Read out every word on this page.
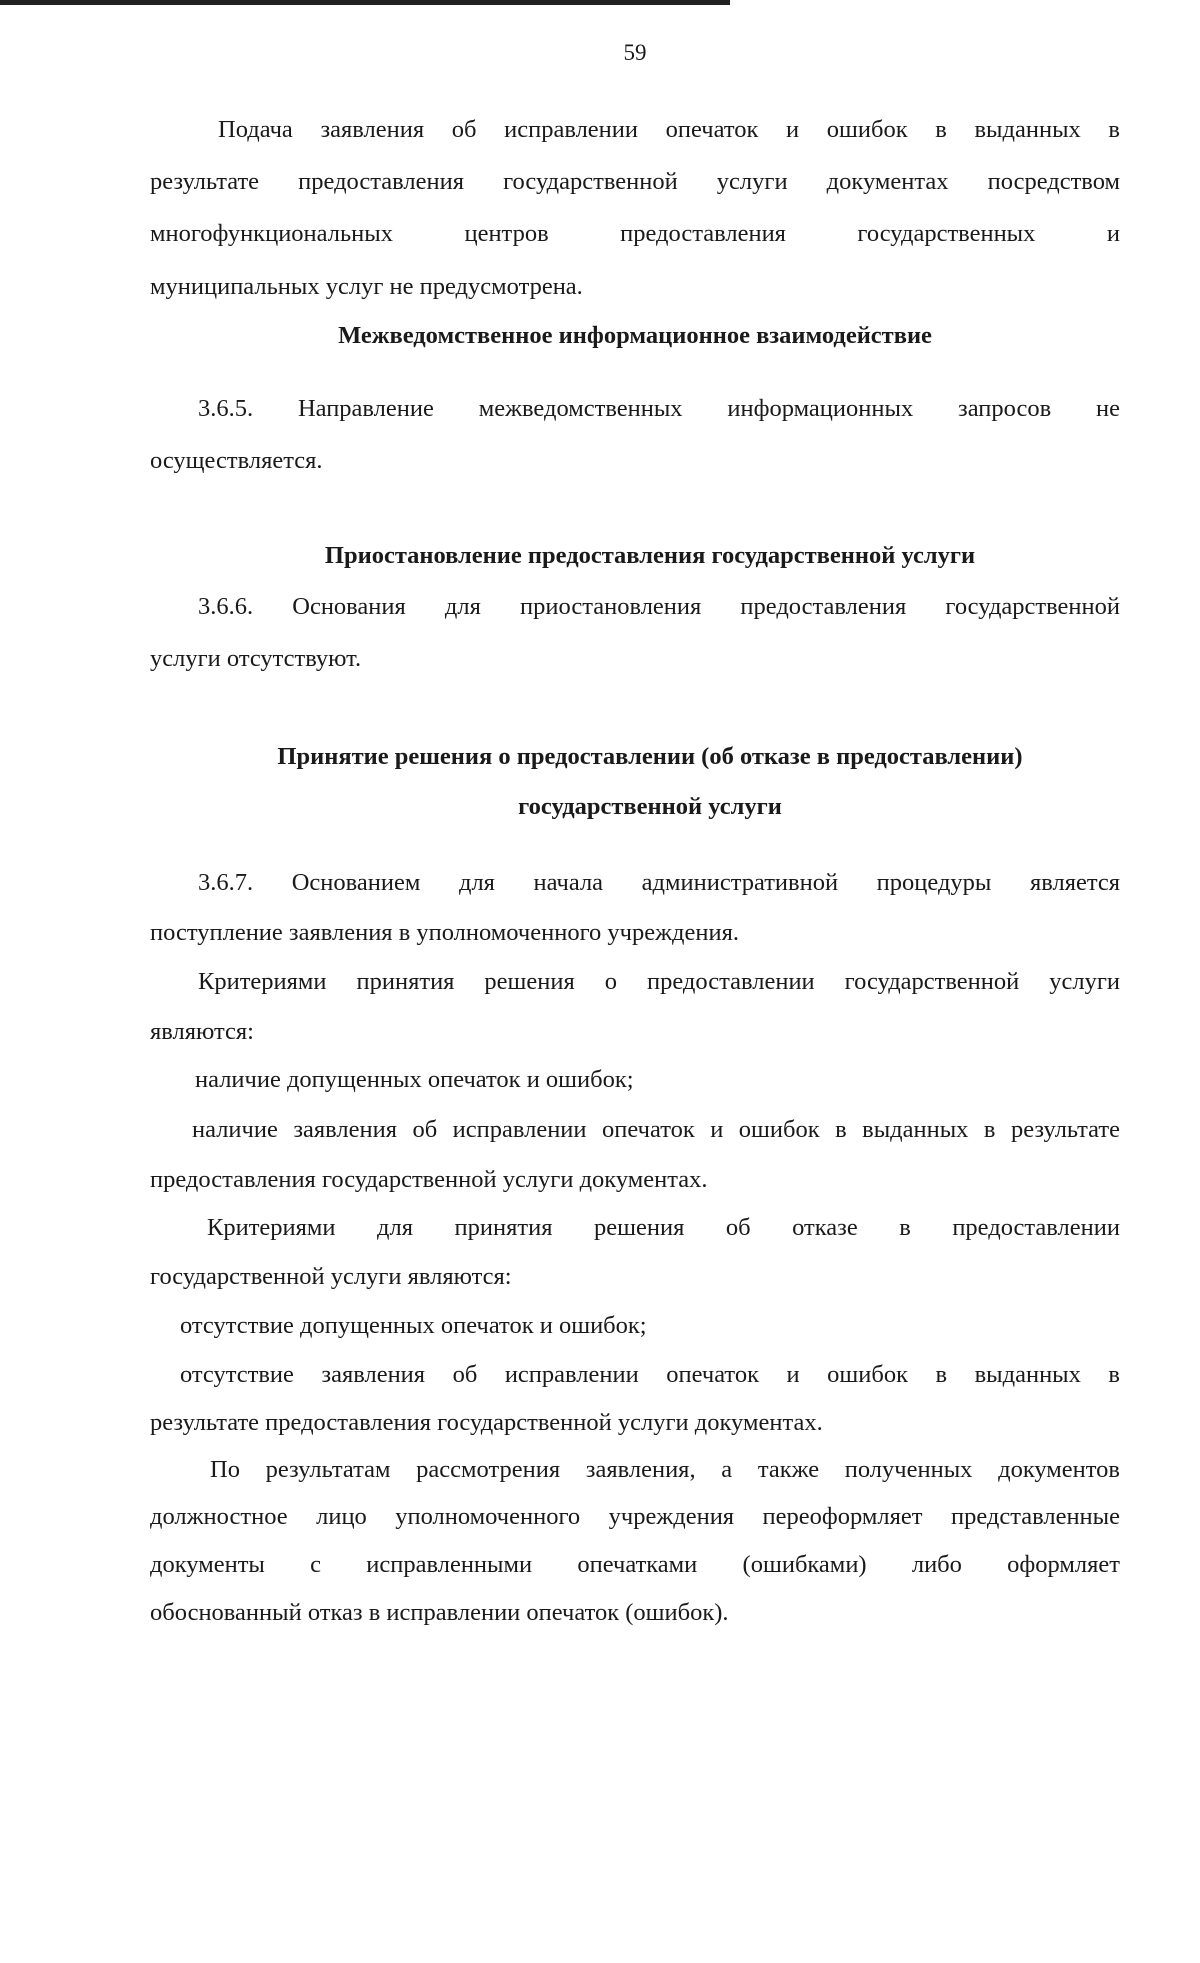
59
Подача заявления об исправлении опечаток и ошибок в выданных в
результате предоставления государственной услуги документах посредством
многофункциональных центров предоставления государственных и
муниципальных услуг не предусмотрена.
Межведомственное информационное взаимодействие
3.6.5. Направление межведомственных информационных запросов не
осуществляется.
Приостановление предоставления государственной услуги
3.6.6. Основания для приостановления предоставления государственной
услуги отсутствуют.
Принятие решения о предоставлении (об отказе в предоставлении)
государственной услуги
3.6.7. Основанием для начала административной процедуры является
поступление заявления в уполномоченного учреждения.
Критериями принятия решения о предоставлении государственной услуги
являются:
наличие допущенных опечаток и ошибок;
наличие заявления об исправлении опечаток и ошибок в выданных в результате
предоставления государственной услуги документах.
Критериями для принятия решения об отказе в предоставлении
государственной услуги являются:
отсутствие допущенных опечаток и ошибок;
отсутствие заявления об исправлении опечаток и ошибок в выданных в
результате предоставления государственной услуги документах.
По результатам рассмотрения заявления, а также полученных документов
должностное лицо уполномоченного учреждения переоформляет представленные
документы с исправленными опечатками (ошибками) либо оформляет
обоснованный отказ в исправлении опечаток (ошибок).
